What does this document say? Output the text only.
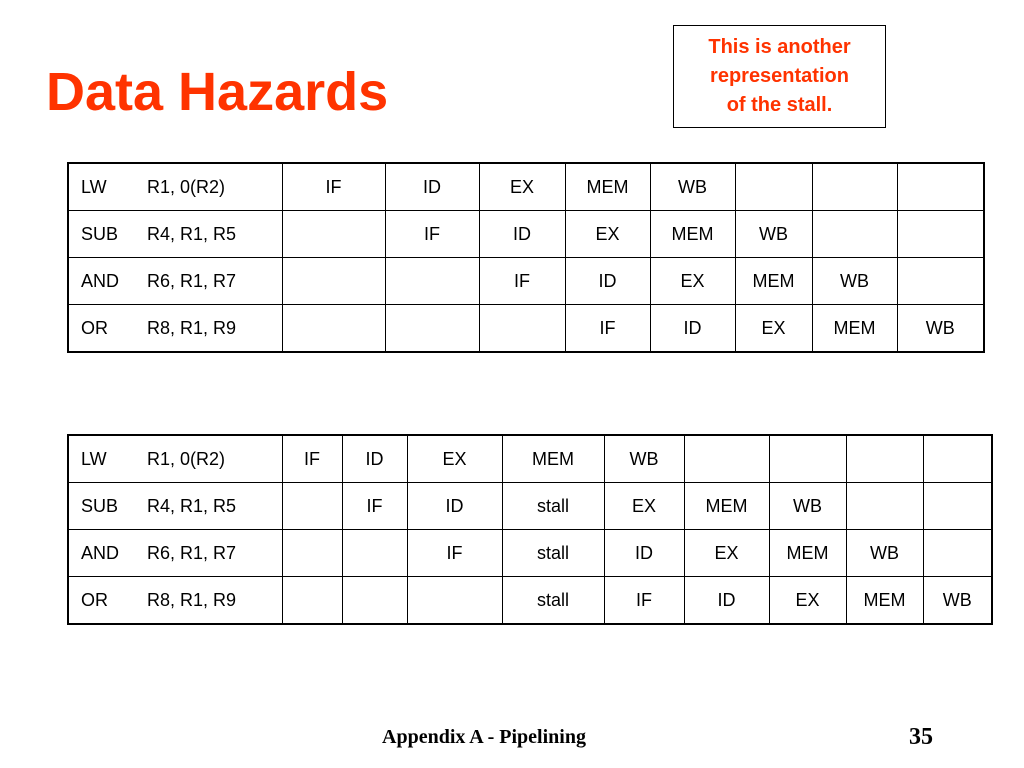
Data Hazards
This is another
representation
of the stall.
LW R1, 0(R2)	IF	ID	EX	MEM	WB			
SUB R4, R1, R5		IF	ID	EX	MEM	WB		
AND R6, R1, R7			IF	ID	EX	MEM	WB	
OR R8, R1, R9				IF	ID	EX	MEM	WB
LW R1, 0(R2)	IF	ID	EX	MEM	WB				
SUB R4, R1, R5		IF	ID	stall	EX	MEM	WB		
AND R6, R1, R7			IF	stall	ID	EX	MEM	WB	
OR R8, R1, R9				stall	IF	ID	EX	MEM	WB
Appendix A - Pipelining	35
